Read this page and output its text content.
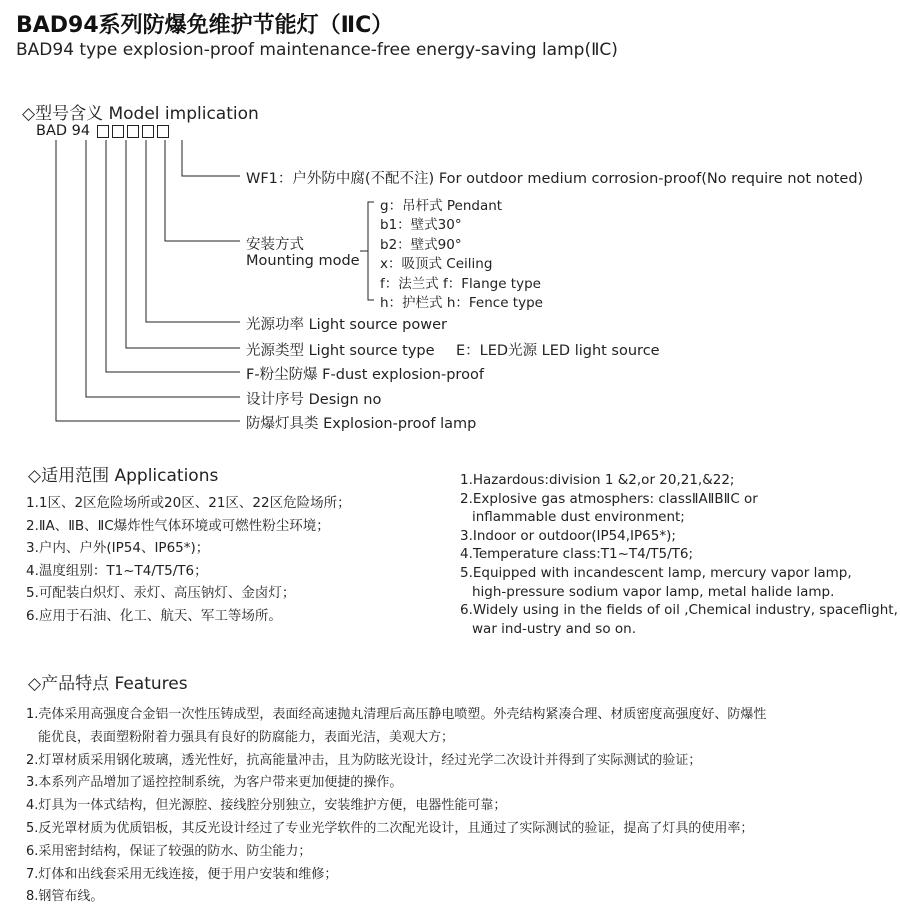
BAD94系列防爆免维护节能灯（ⅡC）
BAD94 type explosion-proof maintenance-free energy-saving lamp(ⅡC)
◇型号含义 Model implication
BAD 94
WF1：户外防中腐(不配不注) For outdoor medium corrosion-proof(No require not noted)
安装方式
Mounting mode
g：吊杆式 Pendant
b1：壁式30°
b2：壁式90°
x：吸顶式 Ceiling
f：法兰式 f：Flange type
h：护栏式 h：Fence type
光源功率 Light source power
光源类型 Light source type E：LED光源 LED light source
F-粉尘防爆 F-dust explosion-proof
设计序号 Design no
防爆灯具类 Explosion-proof lamp
◇适用范围 Applications
1.1区、2区危险场所或20区、21区、22区危险场所；
2.ⅡA、ⅡB、ⅡC爆炸性气体环境或可燃性粉尘环境；
3.户内、户外(IP54、IP65*)；
4.温度组别：T1~T4/T5/T6；
5.可配装白炽灯、汞灯、高压钠灯、金卤灯；
6.应用于石油、化工、航天、军工等场所。
1.Hazardous:division 1 &2,or 20,21,&22;
2.Explosive gas atmosphers: classⅡAⅡBⅡC or
inflammable dust environment;
3.Indoor or outdoor(IP54,IP65*);
4.Temperature class:T1~T4/T5/T6;
5.Equipped with incandescent lamp, mercury vapor lamp,
high-pressure sodium vapor lamp, metal halide lamp.
6.Widely using in the fields of oil ,Chemical industry, spaceflight,
war ind-ustry and so on.
◇产品特点 Features
1.壳体采用高强度合金铝一次性压铸成型，表面经高速抛丸清理后高压静电喷塑。外壳结构紧凑合理、材质密度高强度好、防爆性
能优良，表面塑粉附着力强具有良好的防腐能力，表面光洁，美观大方；
2.灯罩材质采用钢化玻璃，透光性好，抗高能量冲击，且为防眩光设计，经过光学二次设计并得到了实际测试的验证；
3.本系列产品增加了遥控控制系统，为客户带来更加便捷的操作。
4.灯具为一体式结构，但光源腔、接线腔分别独立，安装维护方便，电器性能可靠；
5.反光罩材质为优质铝板，其反光设计经过了专业光学软件的二次配光设计，且通过了实际测试的验证，提高了灯具的使用率；
6.采用密封结构，保证了较强的防水、防尘能力；
7.灯体和出线套采用无线连接，便于用户安装和维修；
8.钢管布线。
